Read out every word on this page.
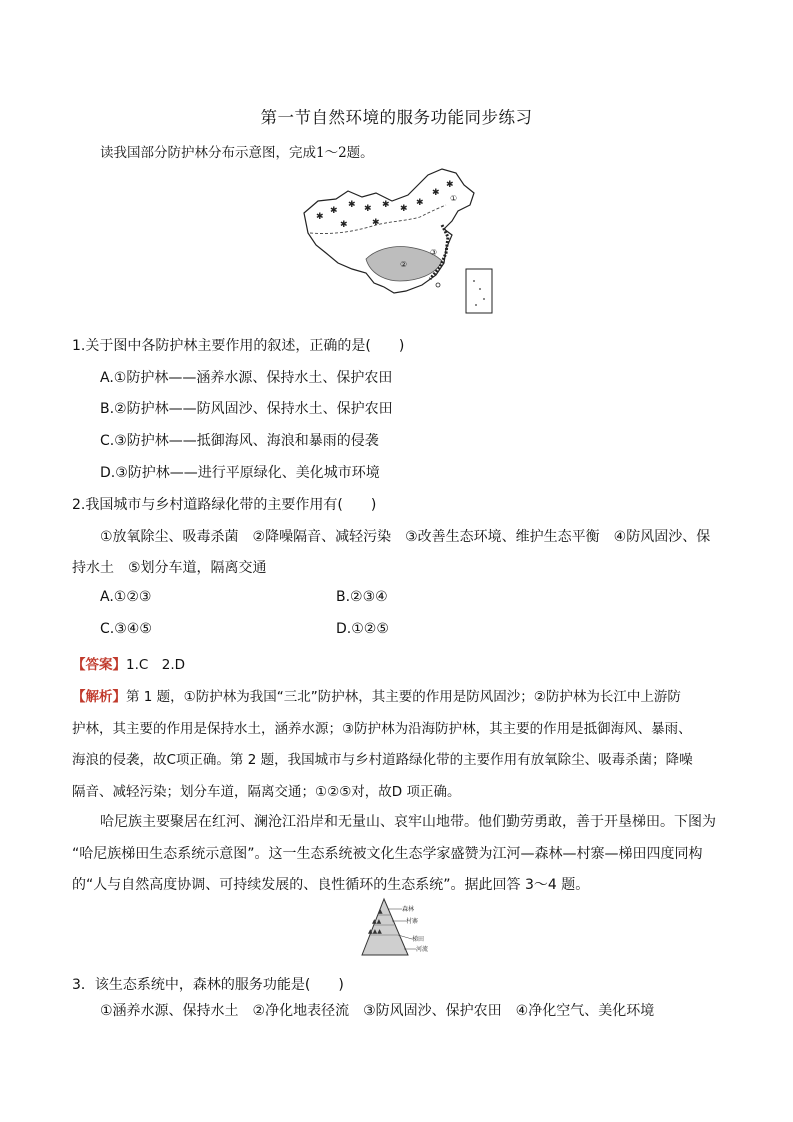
第一节自然环境的服务功能同步练习
读我国部分防护林分布示意图，完成1～2题。
✱
✱
✱ ✱ ✱ ✱
✱
✱
✱
✱	✱
①
②
③
1.关于图中各防护林主要作用的叙述，正确的是(　　)
A.①防护林——涵养水源、保持水土、保护农田
B.②防护林——防风固沙、保持水土、保护农田
C.③防护林——抵御海风、海浪和暴雨的侵袭
D.③防护林——进行平原绿化、美化城市环境
2.我国城市与乡村道路绿化带的主要作用有(　　)
①放氧除尘、吸毒杀菌　②降噪隔音、减轻污染　③改善生态环境、维护生态平衡　④防风固沙、保
持水土　⑤划分车道，隔离交通
A.①②③	B.②③④
C.③④⑤	D.①②⑤
【答案】1.C　2.D
【解析】第 1 题，①防护林为我国“三北”防护林，其主要的作用是防风固沙；②防护林为长江中上游防
护林，其主要的作用是保持水土，涵养水源；③防护林为沿海防护林，其主要的作用是抵御海风、暴雨、
海浪的侵袭，故C项正确。第 2 题，我国城市与乡村道路绿化带的主要作用有放氧除尘、吸毒杀菌；降噪
隔音、减轻污染；划分车道，隔离交通；①②⑤对，故D 项正确。
哈尼族主要聚居在红河、澜沧江沿岸和无量山、哀牢山地带。他们勤劳勇敢，善于开垦梯田。下图为
“哈尼族梯田生态系统示意图”。这一生态系统被文化生态学家盛赞为江河—森林—村寨—梯田四度同构
的“人与自然高度协调、可持续发展的、良性循环的生态系统”。据此回答 3～4 题。
▲
▲▲
▲▲▲
森林
村寨
梯田
河流
3．该生态系统中，森林的服务功能是(　　)
①涵养水源、保持水土　②净化地表径流　③防风固沙、保护农田　④净化空气、美化环境
